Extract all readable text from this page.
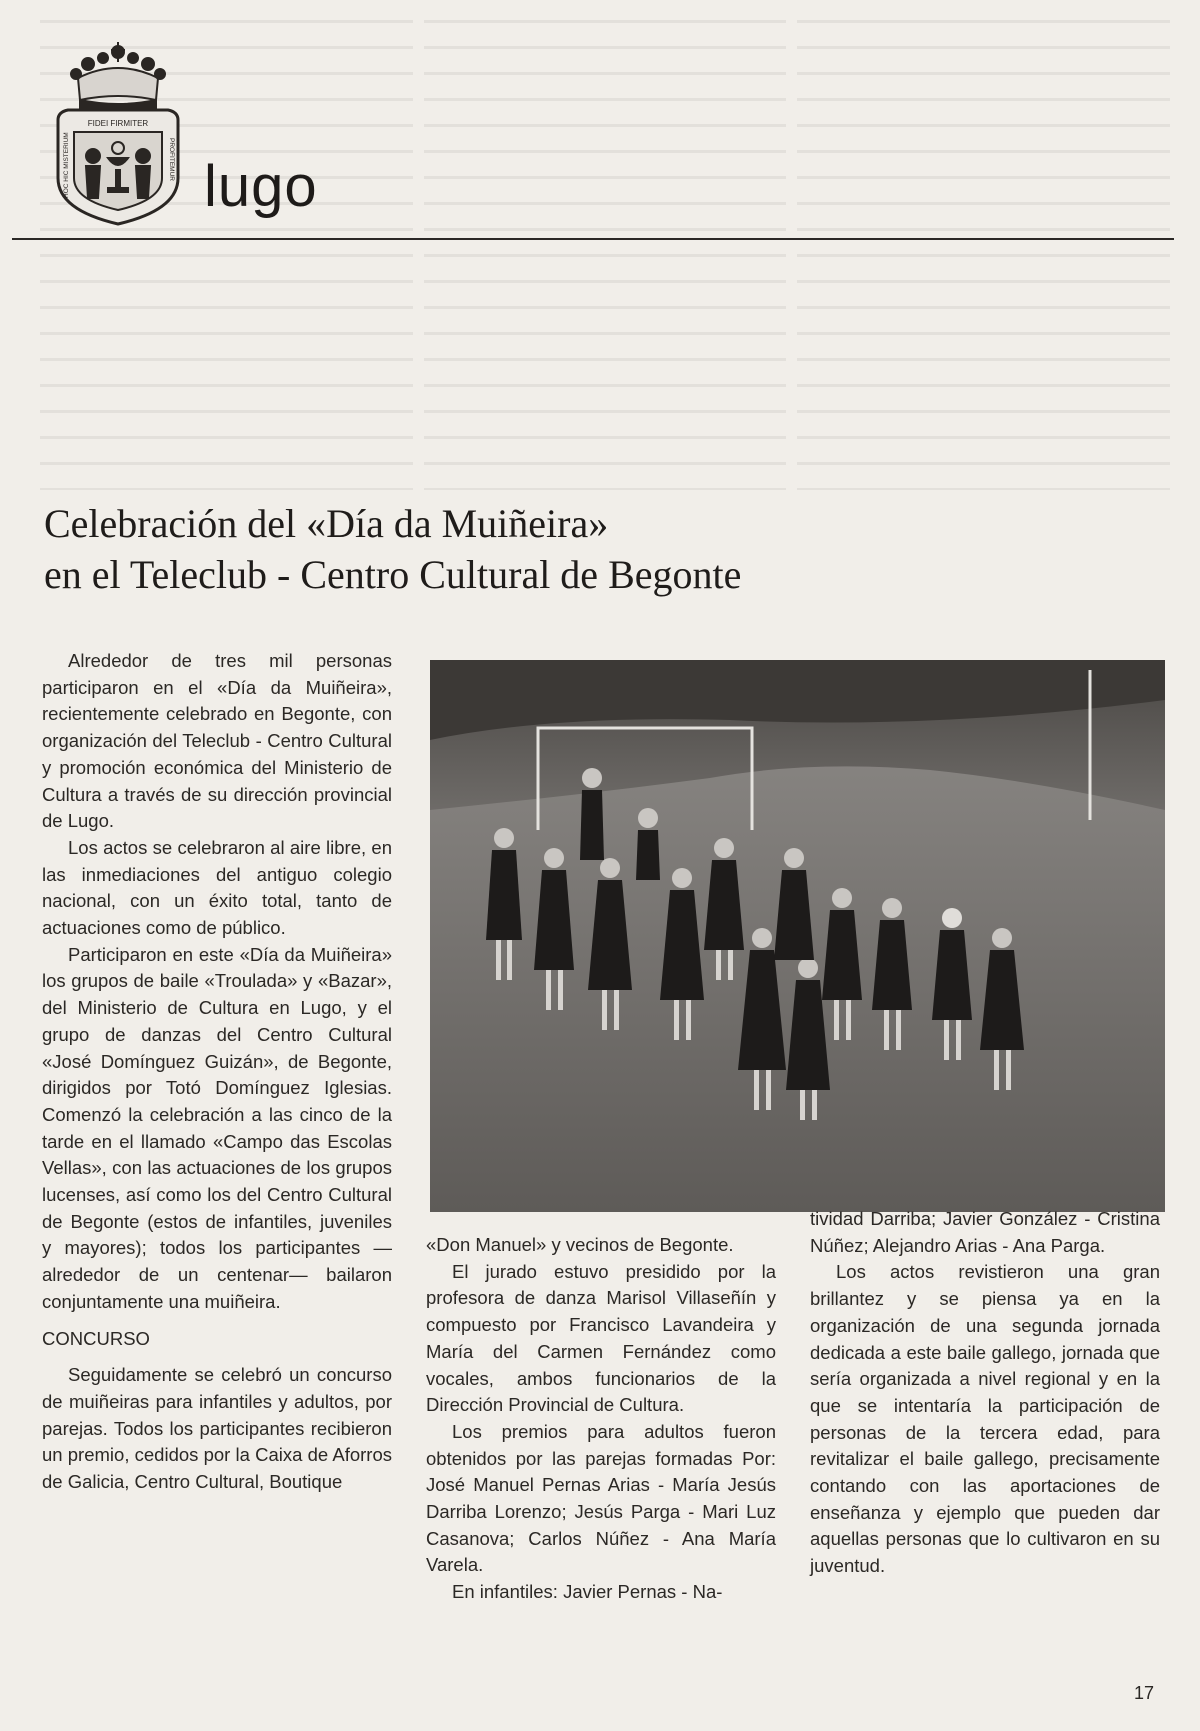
FIDEI FIRMITER
HOC HIC MISTERIUM	PROFITEMUR lugo
Celebración del «Día da Muiñeira»
en el Teleclub - Centro Cultural de Begonte

Alrededor de tres mil personas participaron en el «Día da Muiñeira», recientemente celebrado en Begonte, con organización del Teleclub - Centro Cultural y promoción económica del Ministerio de Cultura a través de su dirección provincial de Lugo.

Los actos se celebraron al aire libre, en las inmediaciones del antiguo colegio nacional, con un éxito total, tanto de actuaciones como de público.

Participaron en este «Día da Muiñeira» los grupos de baile «Troulada» y «Bazar», del Ministerio de Cultura en Lugo, y el grupo de danzas del Centro Cultural «José Domínguez Guizán», de Begonte, dirigidos por Totó Domínguez Iglesias. Comenzó la celebración a las cinco de la tarde en el llamado «Campo das Escolas Vellas», con las actuaciones de los grupos lucenses, así como los del Centro Cultural de Begonte (estos de infantiles, juveniles y mayores); todos los participantes —alrededor de un centenar— bailaron conjuntamente una muiñeira.

CONCURSO

Seguidamente se celebró un concurso de muiñeiras para infantiles y adultos, por parejas. Todos los participantes recibieron un premio, cedidos por la Caixa de Aforros de Galicia, Centro Cultural, Boutique

«Don Manuel» y vecinos de Begonte.

El jurado estuvo presidido por la profesora de danza Marisol Villaseñín y compuesto por Francisco Lavandeira y María del Carmen Fernández como vocales, ambos funcionarios de la Dirección Provincial de Cultura.

Los premios para adultos fueron obtenidos por las parejas formadas Por: José Manuel Pernas Arias - María Jesús Darriba Lorenzo; Jesús Parga - Mari Luz Casanova; Carlos Núñez - Ana María Varela.

En infantiles: Javier Pernas - Na-

tividad Darriba; Javier González - Cristina Núñez; Alejandro Arias - Ana Parga.

Los actos revistieron una gran brillantez y se piensa ya en la organización de una segunda jornada dedicada a este baile gallego, jornada que sería organizada a nivel regional y en la que se intentaría la participación de personas de la tercera edad, para revitalizar el baile gallego, precisamente contando con las aportaciones de enseñanza y ejemplo que pueden dar aquellas personas que lo cultivaron en su juventud.

17
